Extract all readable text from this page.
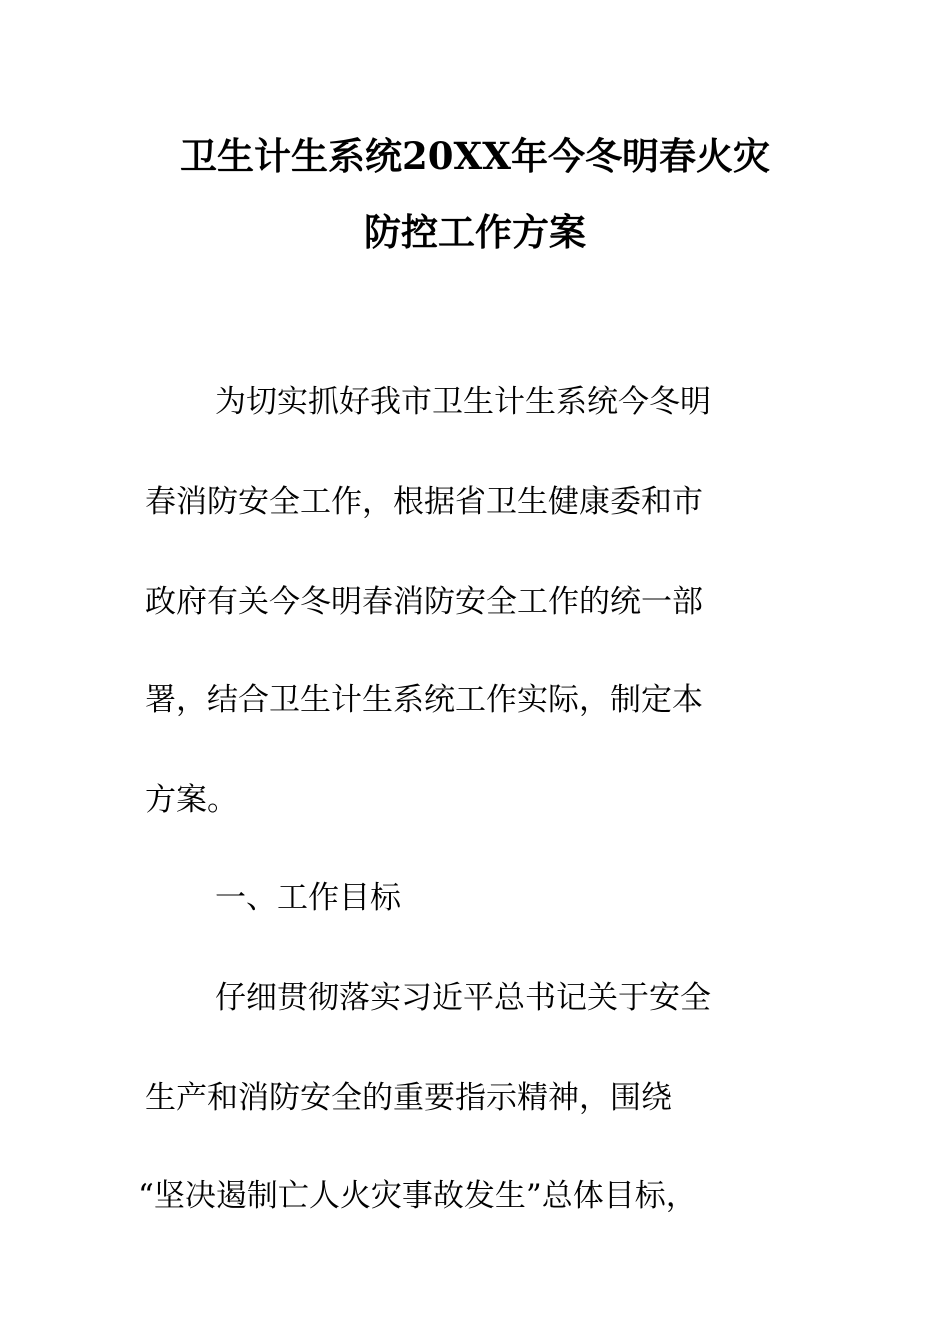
卫生计生系统20XX年今冬明春火灾
防控工作方案

为切实抓好我市卫生计生系统今冬明

春消防安全工作，根据省卫生健康委和市

政府有关今冬明春消防安全工作的统一部

署，结合卫生计生系统工作实际，制定本

方案。

一、工作目标

仔细贯彻落实习近平总书记关于安全

生产和消防安全的重要指示精神，围绕

“坚决遏制亡人火灾事故发生”总体目标，
